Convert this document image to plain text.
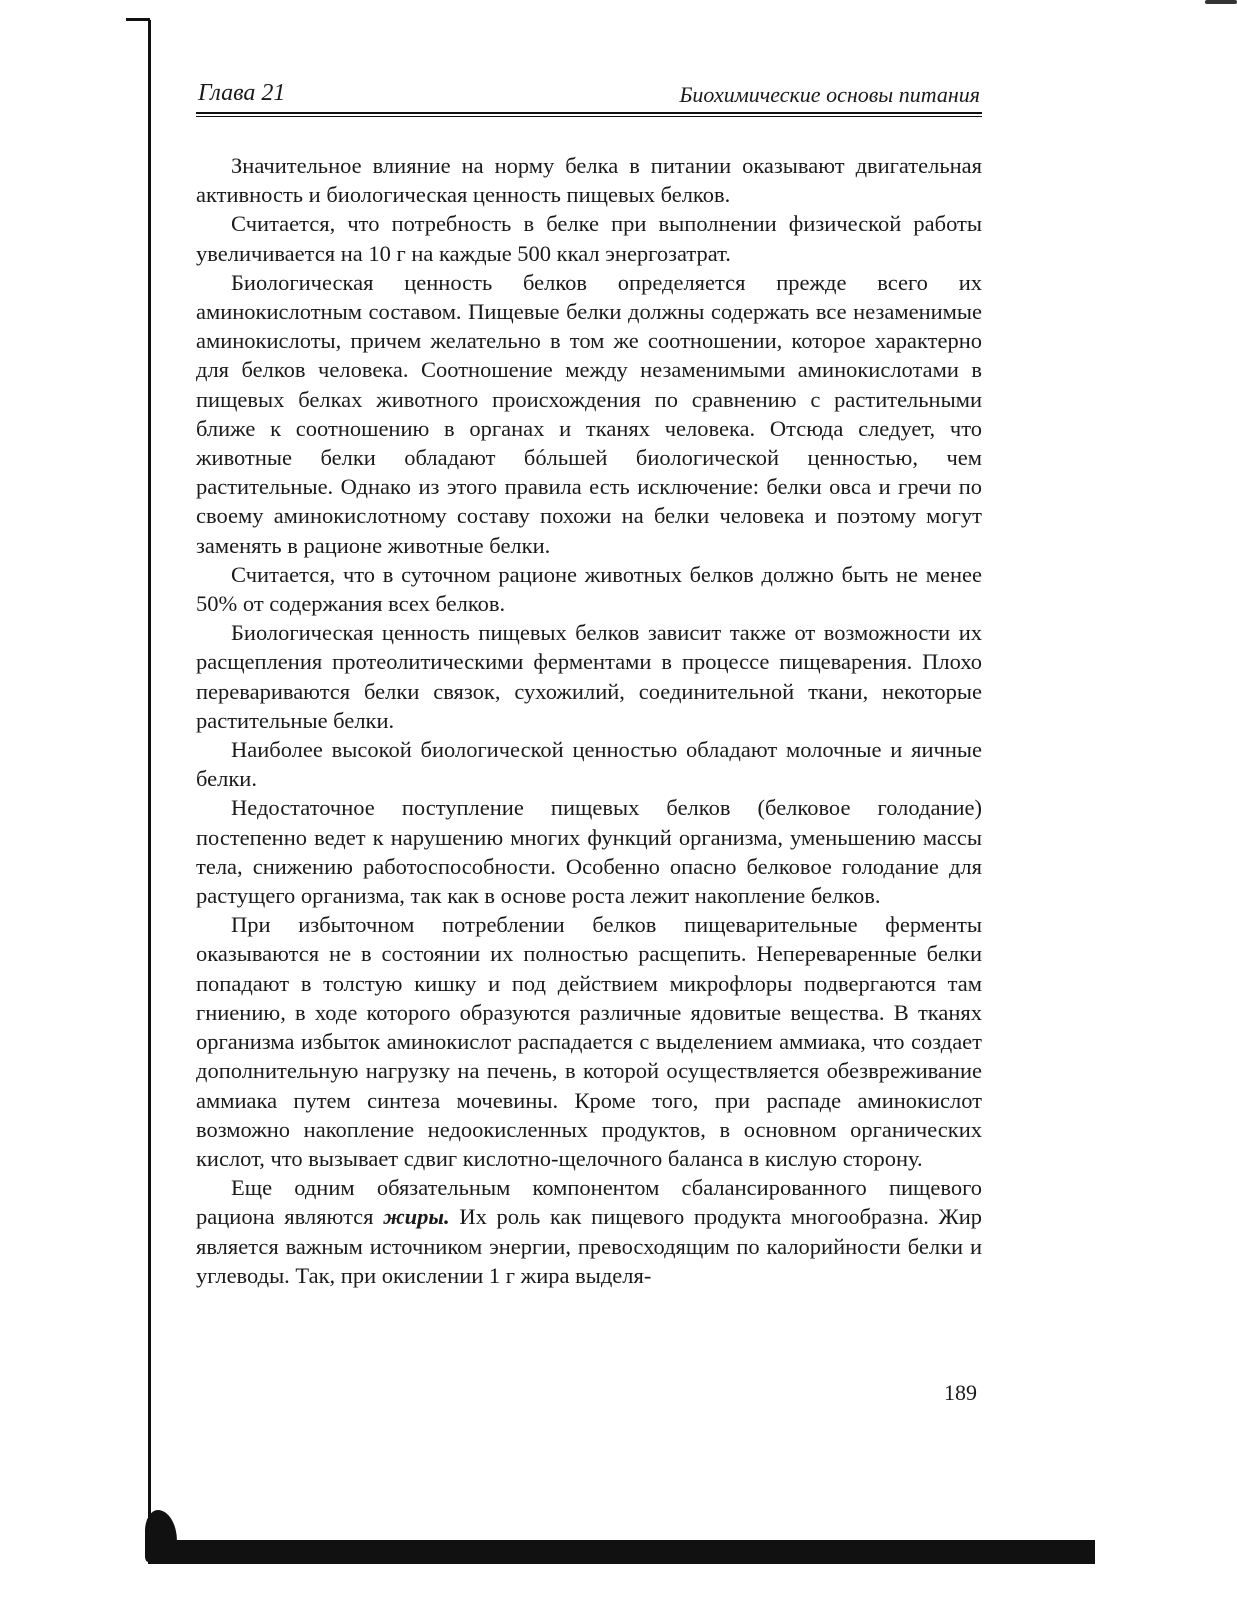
Глава 21	Биохимические основы питания

Значительное влияние на норму белка в питании оказывают двигательная активность и биологическая ценность пищевых белков.

Считается, что потребность в белке при выполнении физической работы увеличивается на 10 г на каждые 500 ккал энергозатрат.

Биологическая ценность белков определяется прежде всего их аминокислотным составом. Пищевые белки должны содержать все незаменимые аминокислоты, причем желательно в том же соотношении, которое характерно для белков человека. Соотношение между незаменимыми аминокислотами в пищевых белках животного происхождения по сравнению с растительными ближе к соотношению в органах и тканях человека. Отсюда следует, что животные белки обладают бóльшей биологической ценностью, чем растительные. Однако из этого правила есть исключение: белки овса и гречи по своему аминокислотному составу похожи на белки человека и поэтому могут заменять в рационе животные белки.

Считается, что в суточном рационе животных белков должно быть не менее 50% от содержания всех белков.

Биологическая ценность пищевых белков зависит также от возможности их расщепления протеолитическими ферментами в процессе пищеварения. Плохо перевариваются белки связок, сухожилий, соединительной ткани, некоторые растительные белки.

Наиболее высокой биологической ценностью обладают молочные и яичные белки.

Недостаточное поступление пищевых белков (белковое голодание) постепенно ведет к нарушению многих функций организма, уменьшению массы тела, снижению работоспособности. Особенно опасно белковое голодание для растущего организма, так как в основе роста лежит накопление белков.

При избыточном потреблении белков пищеварительные ферменты оказываются не в состоянии их полностью расщепить. Непереваренные белки попадают в толстую кишку и под действием микрофлоры подвергаются там гниению, в ходе которого образуются различные ядовитые вещества. В тканях организма избыток аминокислот распадается с выделением аммиака, что создает дополнительную нагрузку на печень, в которой осуществляется обезвреживание аммиака путем синтеза мочевины. Кроме того, при распаде аминокислот возможно накопление недоокисленных продуктов, в основном органических кислот, что вызывает сдвиг кислотно-щелочного баланса в кислую сторону.

Еще одним обязательным компонентом сбалансированного пищевого рациона являются жиры. Их роль как пищевого продукта многообразна. Жир является важным источником энергии, превосходящим по калорийности белки и углеводы. Так, при окислении 1 г жира выделя-

189
